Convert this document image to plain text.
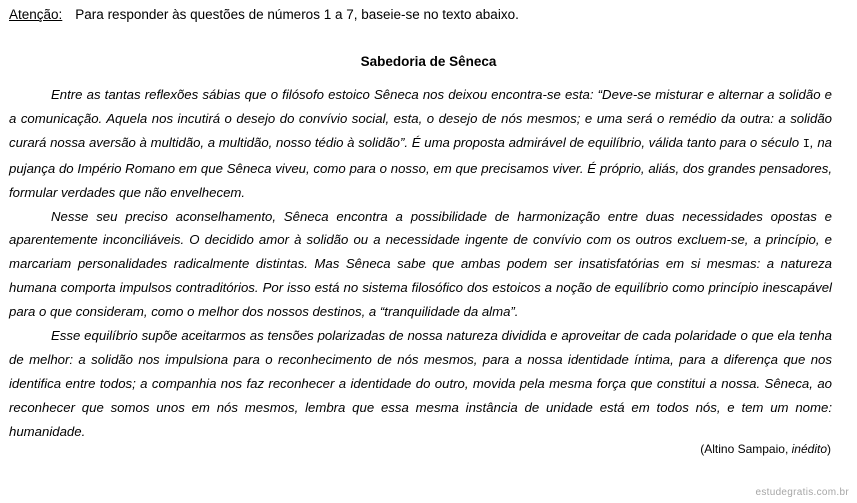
Atenção: Para responder às questões de números 1 a 7, baseie-se no texto abaixo.
Sabedoria de Sêneca

Entre as tantas reflexões sábias que o filósofo estoico Sêneca nos deixou encontra-se esta: “Deve-se misturar e alternar a solidão e a comunicação. Aquela nos incutirá o desejo do convívio social, esta, o desejo de nós mesmos; e uma será o remédio da outra: a solidão curará nossa aversão à multidão, a multidão, nosso tédio à solidão”. É uma proposta admirável de equilíbrio, válida tanto para o século I, na pujança do Império Romano em que Sêneca viveu, como para o nosso, em que precisamos viver. É próprio, aliás, dos grandes pensadores, formular verdades que não envelhecem.

Nesse seu preciso aconselhamento, Sêneca encontra a possibilidade de harmonização entre duas necessidades opostas e aparentemente inconciliáveis. O decidido amor à solidão ou a necessidade ingente de convívio com os outros excluem-se, a princípio, e marcariam personalidades radicalmente distintas. Mas Sêneca sabe que ambas podem ser insatisfatórias em si mesmas: a natureza humana comporta impulsos contraditórios. Por isso está no sistema filosófico dos estoicos a noção de equilíbrio como princípio inescapável para o que consideram, como o melhor dos nossos destinos, a “tranquilidade da alma”.

Esse equilíbrio supõe aceitarmos as tensões polarizadas de nossa natureza dividida e aproveitar de cada polaridade o que ela tenha de melhor: a solidão nos impulsiona para o reconhecimento de nós mesmos, para a nossa identidade íntima, para a diferença que nos identifica entre todos; a companhia nos faz reconhecer a identidade do outro, movida pela mesma força que constitui a nossa. Sêneca, ao reconhecer que somos unos em nós mesmos, lembra que essa mesma instância de unidade está em todos nós, e tem um nome: humanidade.

(Altino Sampaio, inédito)
estudegratis.com.br
